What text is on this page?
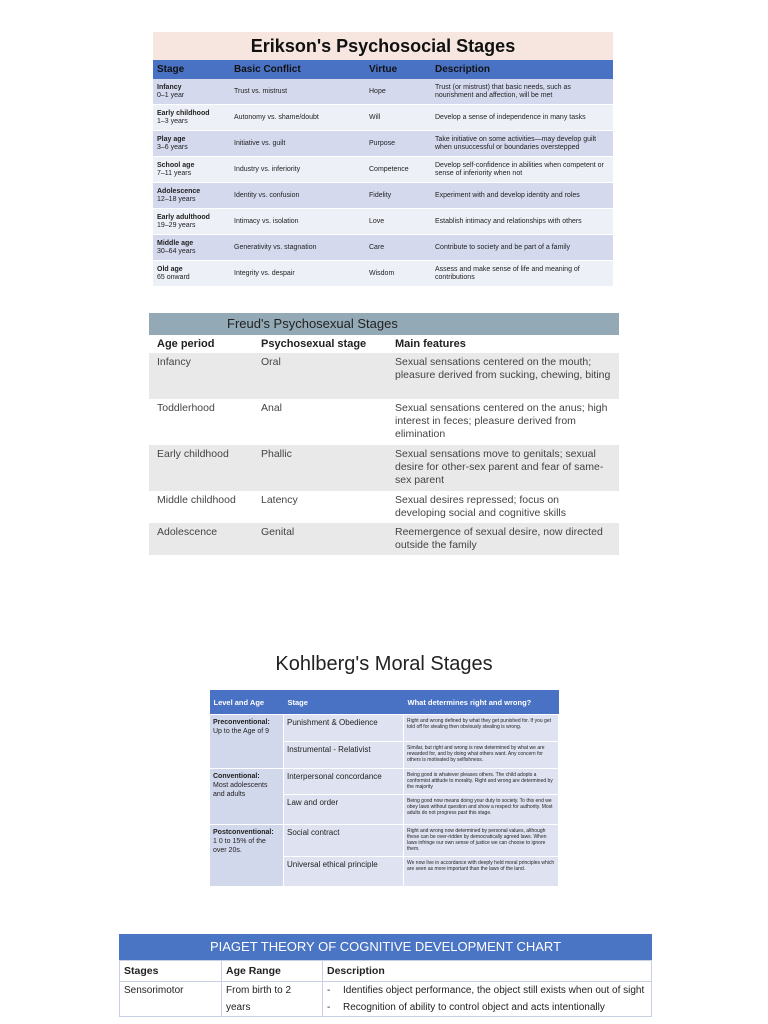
Erikson's Psychosocial Stages
Stage	Basic Conflict	Virtue	Description

Infancy
0–1 year	Trust vs. mistrust	Hope	Trust (or mistrust) that basic needs, such as nourishment and affection, will be met

Early childhood
1–3 years	Autonomy vs. shame/doubt	Will	Develop a sense of independence in many tasks

Play age
3–6 years	Initiative vs. guilt	Purpose	Take initiative on some activities—may develop guilt when unsuccessful or boundaries overstepped

School age
7–11 years	Industry vs. inferiority	Competence	Develop self-confidence in abilities when competent or sense of inferiority when not

Adolescence
12–18 years	Identity vs. confusion	Fidelity	Experiment with and develop identity and roles

Early adulthood
19–29 years	Intimacy vs. isolation	Love	Establish intimacy and relationships with others

Middle age
30–64 years	Generativity vs. stagnation	Care	Contribute to society and be part of a family

Old age
65 onward	Integrity vs. despair	Wisdom	Assess and make sense of life and meaning of contributions
Freud's Psychosexual Stages
Age period	Psychosexual stage	Main features
Infancy	Oral	Sexual sensations centered on the mouth; pleasure derived from sucking, chewing, biting
Toddlerhood	Anal	Sexual sensations centered on the anus; high interest in feces; pleasure derived from elimination
Early childhood	Phallic	Sexual sensations move to genitals; sexual desire for other-sex parent and fear of same-sex parent
Middle childhood	Latency	Sexual desires repressed; focus on developing social and cognitive skills
Adolescence	Genital	Reemergence of sexual desire, now directed outside the family
Kohlberg's Moral Stages
Level and Age	Stage	What determines right and wrong?

Preconventional:
Up to the Age of 9	Punishment & Obedience	Right and wrong defined by what they get punished for. If you get told off for stealing then obviously stealing is wrong.
	Instrumental - Relativist	Similar, but right and wrong is now determined by what we are rewarded for, and by doing what others want. Any concern for others is motivated by selfishness.

Conventional:
Most adolescents and adults	Interpersonal concordance	Being good is whatever pleases others. The child adopts a conformist attitude to morality. Right and wrong are determined by the majority
	Law and order	Being good now means doing your duty to society. To this end we obey laws without question and show a respect for authority. Most adults do not progress past this stage.

Postconventional:
1 0 to 15% of the over 20s.	Social contract	Right and wrong now determined by personal values, although these can be over-ridden by democratically agreed laws. When laws infringe our own sense of justice we can choose to ignore them.
	Universal ethical principle	We now live in accordance with deeply held moral principles which are seen as more important than the laws of the land.
PIAGET THEORY OF COGNITIVE DEVELOPMENT CHART
Stages	Age Range	Description
Sensorimotor	From birth to 2 years	- Identifies object performance, the object still exists when out of sight
- Recognition of ability to control object and acts intentionally
